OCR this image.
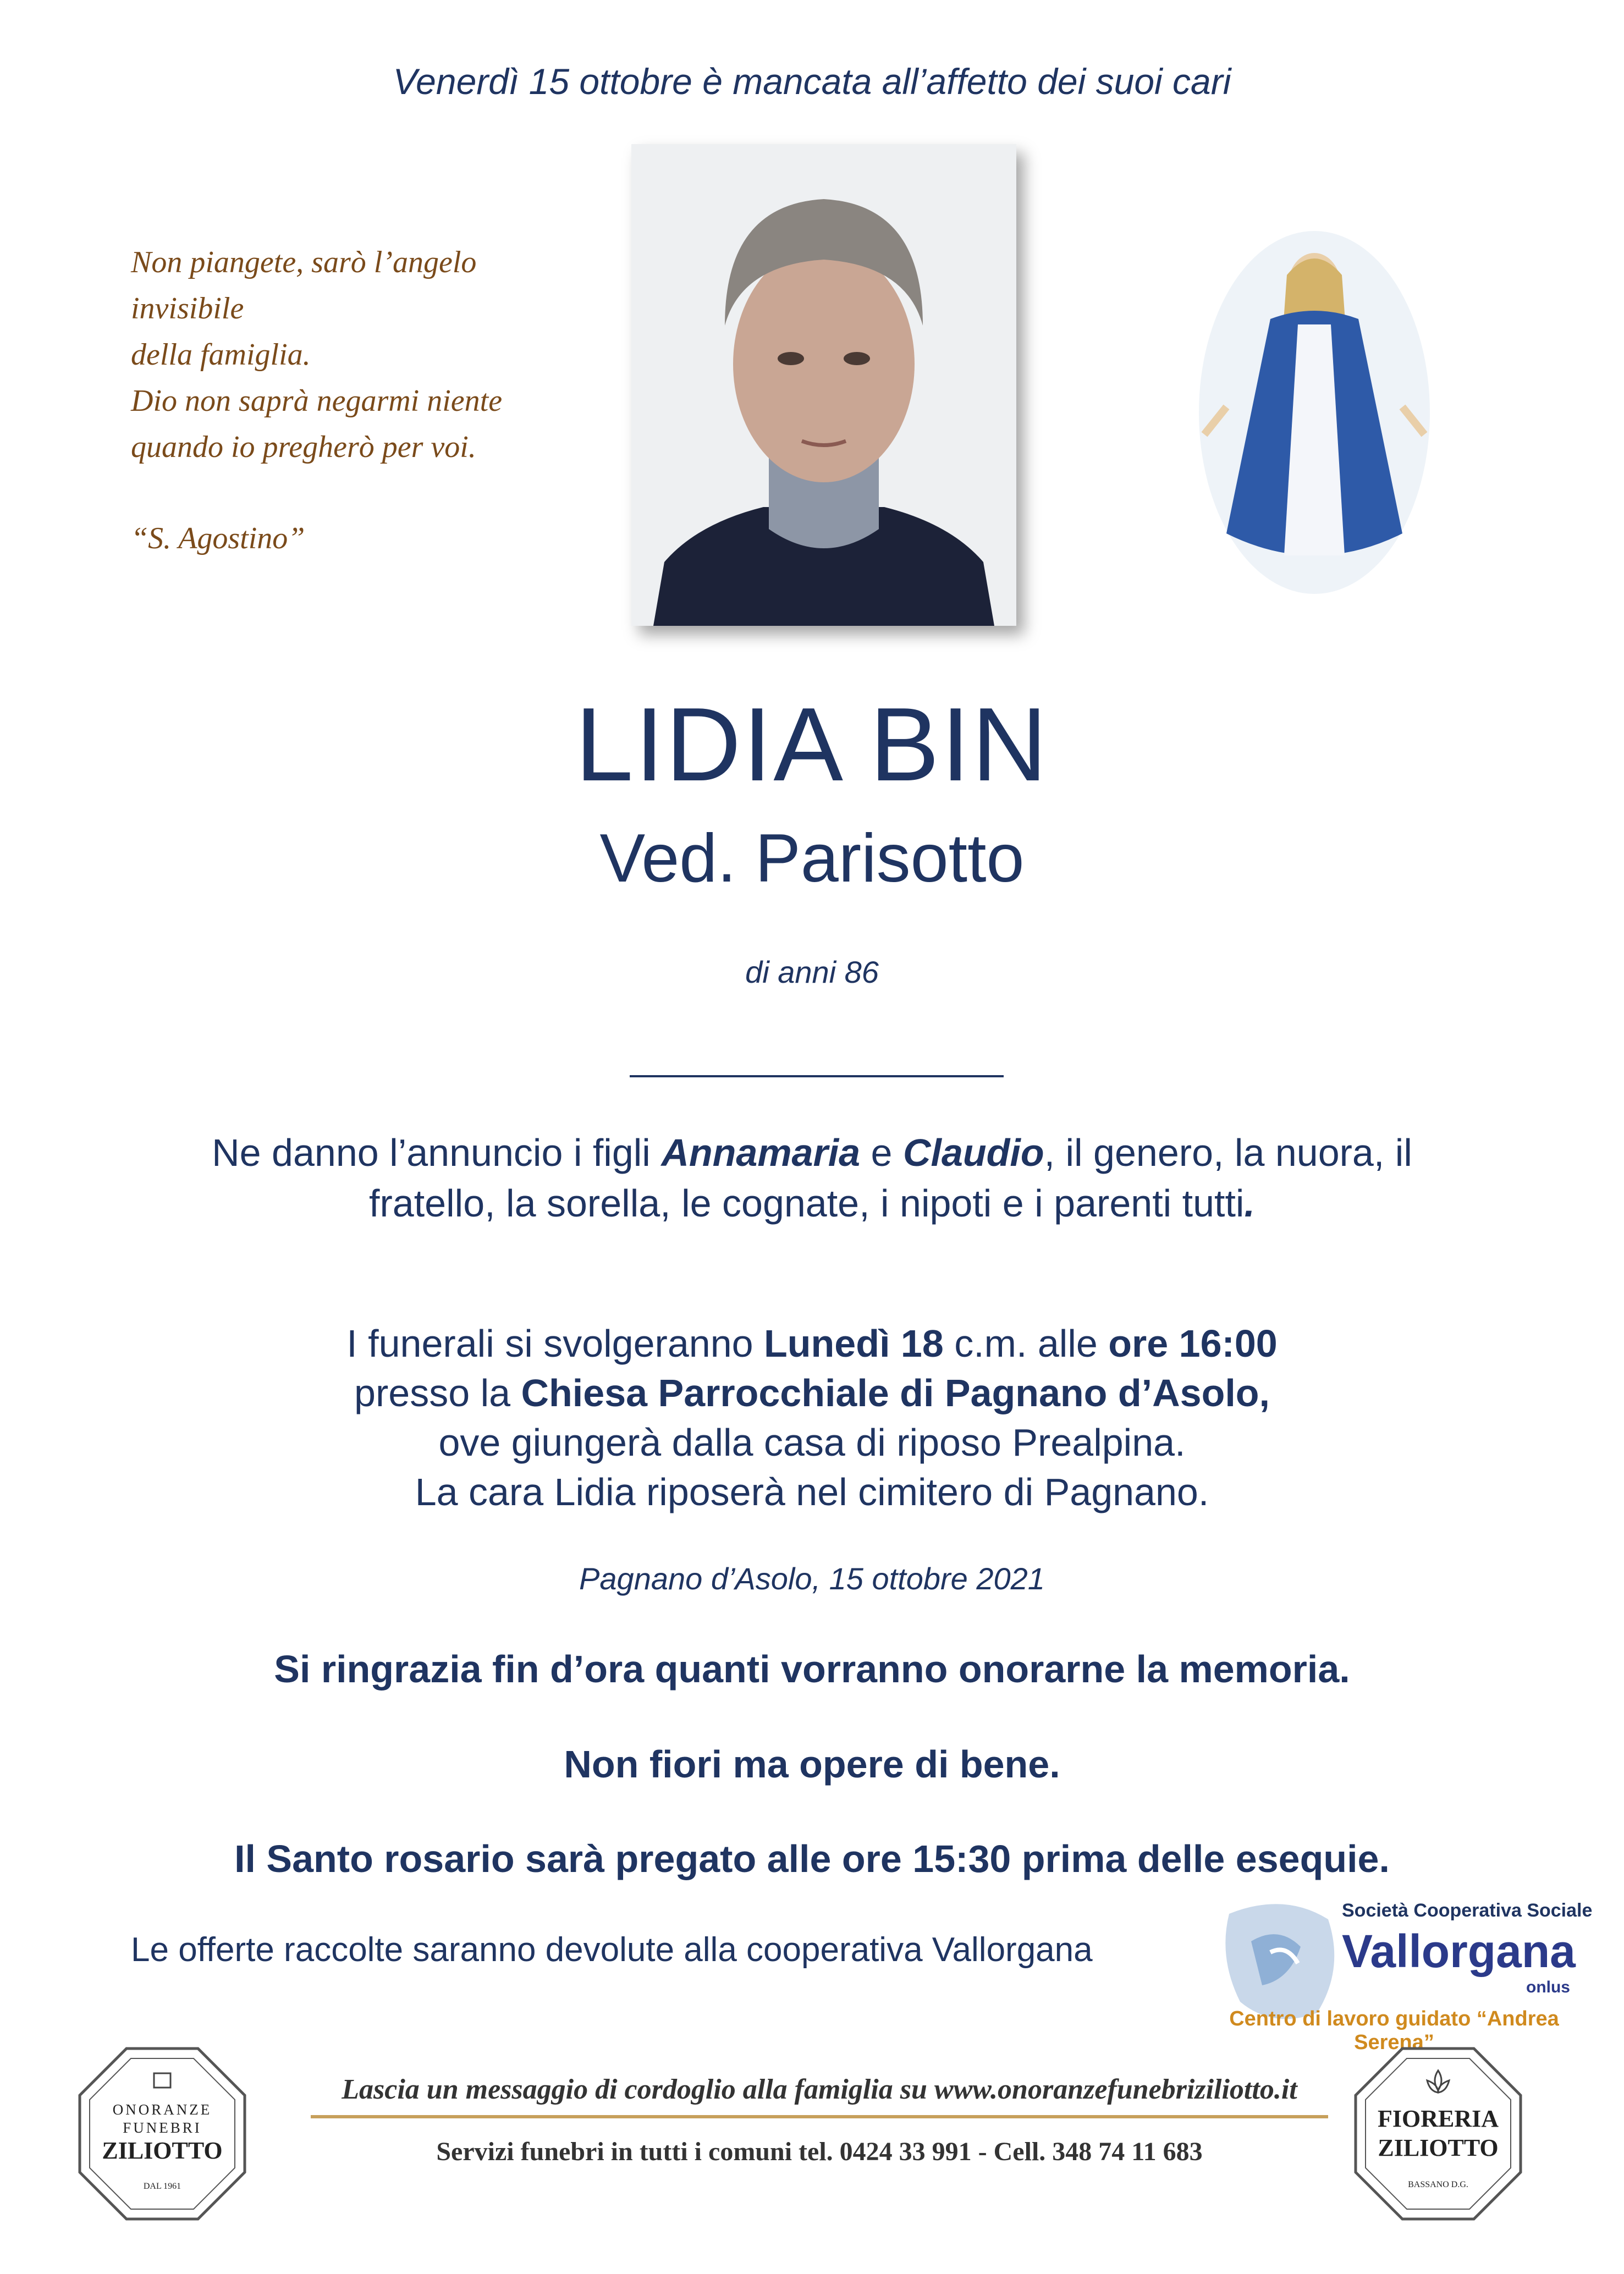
Venerdì 15 ottobre è mancata all’affetto dei suoi cari
Non piangete, sarò l’angelo invisibile
della famiglia.
Dio non saprà negarmi niente
quando io pregherò per voi.
“S. Agostino”
LIDIA BIN
Ved. Parisotto
di anni 86
Ne danno l’annuncio i figli Annamaria e Claudio, il genero, la nuora, il
fratello, la sorella, le cognate, i nipoti e i parenti tutti.
I funerali si svolgeranno Lunedì 18 c.m. alle ore 16:00
presso la Chiesa Parrocchiale di Pagnano d’Asolo,
ove giungerà dalla casa di riposo Prealpina.
La cara Lidia riposerà nel cimitero di Pagnano.
Pagnano d’Asolo, 15 ottobre 2021
Si ringrazia fin d’ora quanti vorranno onorarne la memoria.
Non fiori ma opere di bene.
Il Santo rosario sarà pregato alle ore 15:30 prima delle esequie.
Le offerte raccolte saranno devolute alla cooperativa Vallorgana
Società Cooperativa Sociale
Vallorgana
onlus
Centro di lavoro guidato “Andrea Serena”
ONORANZE
FUNEBRI
ZILIOTTO
DAL 1961
Lascia un messaggio di cordoglio alla famiglia su www.onoranzefunebriziliotto.it
Servizi funebri in tutti i comuni tel. 0424 33 991 - Cell. 348 74 11 683
FIORERIA
ZILIOTTO
BASSANO D.G.
